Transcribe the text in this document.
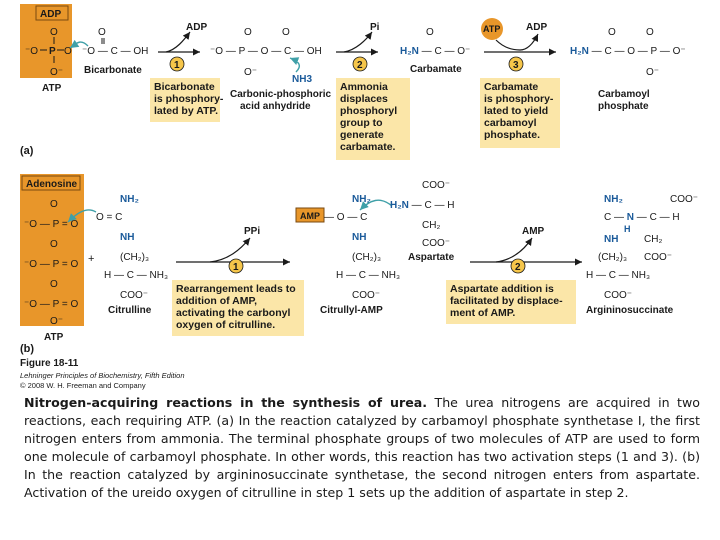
ADP
O
⁻O P O
O⁻
ATP
O
⁻O — C — OH
Bicarbonate
ADP
1
O	O
⁻O — P — O — C — OH
O⁻
NH3
Carbonic-phosphoric
acid anhydride
Pi
2
O
H₂N — C — O⁻
Carbamate
ATP	ADP
3
O	O
H₂N — C — O — P — O⁻
O⁻
Carbamoyl
phosphate
Bicarbonate is phosphory- lated by ATP.
Ammonia displaces phosphoryl group to generate carbamate.
Carbamate is phosphory- lated to yield carbamoyl phosphate.
(a)
Adenosine
O
⁻O — P = O
O
⁻O — P = O
O
⁻O — P = O
O⁻
ATP
NH₂
O = C
NH
(CH₂)₃
+
H — C — NH₃
COO⁻
Citrulline
PPi
1
AMP
NH₂
— O — C
NH
(CH₂)₃
H — C — NH₃
COO⁻
Citrullyl-AMP
COO⁻
H₂N — C — H
CH₂
COO⁻
Aspartate
AMP
2
NH₂	COO⁻
C — N — C — H
H
NH	CH₂
(CH₂)₃ COO⁻
H — C — NH₃
COO⁻
Argininosuccinate
Rearrangement leads to addition of AMP, activating the carbonyl oxygen of citrulline.
Aspartate addition is facilitated by displace- ment of AMP.
(b)
Figure 18-11
Lehninger Principles of Biochemistry, Fifth Edition
© 2008 W. H. Freeman and Company

Nitrogen-acquiring reactions in the synthesis of urea. The urea nitrogens are acquired in two reactions, each requiring ATP. (a) In the reaction catalyzed by carbamoyl phosphate synthetase I, the first nitrogen enters from ammonia. The terminal phosphate groups of two molecules of ATP are used to form one molecule of carbamoyl phosphate. In other words, this reaction has two activation steps (1 and 3). (b) In the reaction catalyzed by argininosuccinate synthetase, the second nitrogen enters from aspartate. Activation of the ureido oxygen of citrulline in step 1 sets up the addition of aspartate in step 2.
